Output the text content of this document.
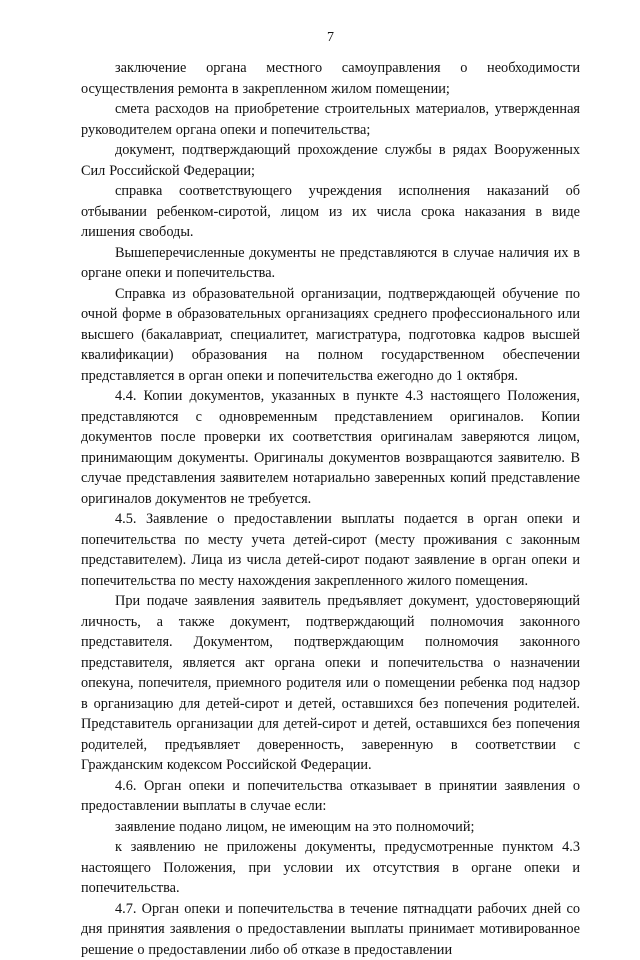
7

заключение органа местного самоуправления о необходимости осуществления ремонта в закрепленном жилом помещении;

смета расходов на приобретение строительных материалов, утвержденная руководителем органа опеки и попечительства;

документ, подтверждающий прохождение службы в рядах Вооруженных Сил Российской Федерации;

справка соответствующего учреждения исполнения наказаний об отбывании ребенком-сиротой, лицом из их числа срока наказания в виде лишения свободы.

Вышеперечисленные документы не представляются в случае наличия их в органе опеки и попечительства.

Справка из образовательной организации, подтверждающей обучение по очной форме в образовательных организациях среднего профессионального или высшего (бакалавриат, специалитет, магистратура, подготовка кадров высшей квалификации) образования на полном государственном обеспечении представляется в орган опеки и попечительства ежегодно до 1 октября.

4.4. Копии документов, указанных в пункте 4.3 настоящего Положения, представляются с одновременным представлением оригиналов. Копии документов после проверки их соответствия оригиналам заверяются лицом, принимающим документы. Оригиналы документов возвращаются заявителю. В случае представления заявителем нотариально заверенных копий представление оригиналов документов не требуется.

4.5. Заявление о предоставлении выплаты подается в орган опеки и попечительства по месту учета детей-сирот (месту проживания с законным представителем). Лица из числа детей-сирот подают заявление в орган опеки и попечительства по месту нахождения закрепленного жилого помещения.

При подаче заявления заявитель предъявляет документ, удостоверяющий личность, а также документ, подтверждающий полномочия законного представителя. Документом, подтверждающим полномочия законного представителя, является акт органа опеки и попечительства о назначении опекуна, попечителя, приемного родителя или о помещении ребенка под надзор в организацию для детей-сирот и детей, оставшихся без попечения родителей. Представитель организации для детей-сирот и детей, оставшихся без попечения родителей, предъявляет доверенность, заверенную в соответствии с Гражданским кодексом Российской Федерации.

4.6. Орган опеки и попечительства отказывает в принятии заявления о предоставлении выплаты в случае если:

заявление подано лицом, не имеющим на это полномочий;

к заявлению не приложены документы, предусмотренные пунктом 4.3 настоящего Положения, при условии их отсутствия в органе опеки и попечительства.

4.7. Орган опеки и попечительства в течение пятнадцати рабочих дней со дня принятия заявления о предоставлении выплаты принимает мотивированное решение о предоставлении либо об отказе в предоставлении
